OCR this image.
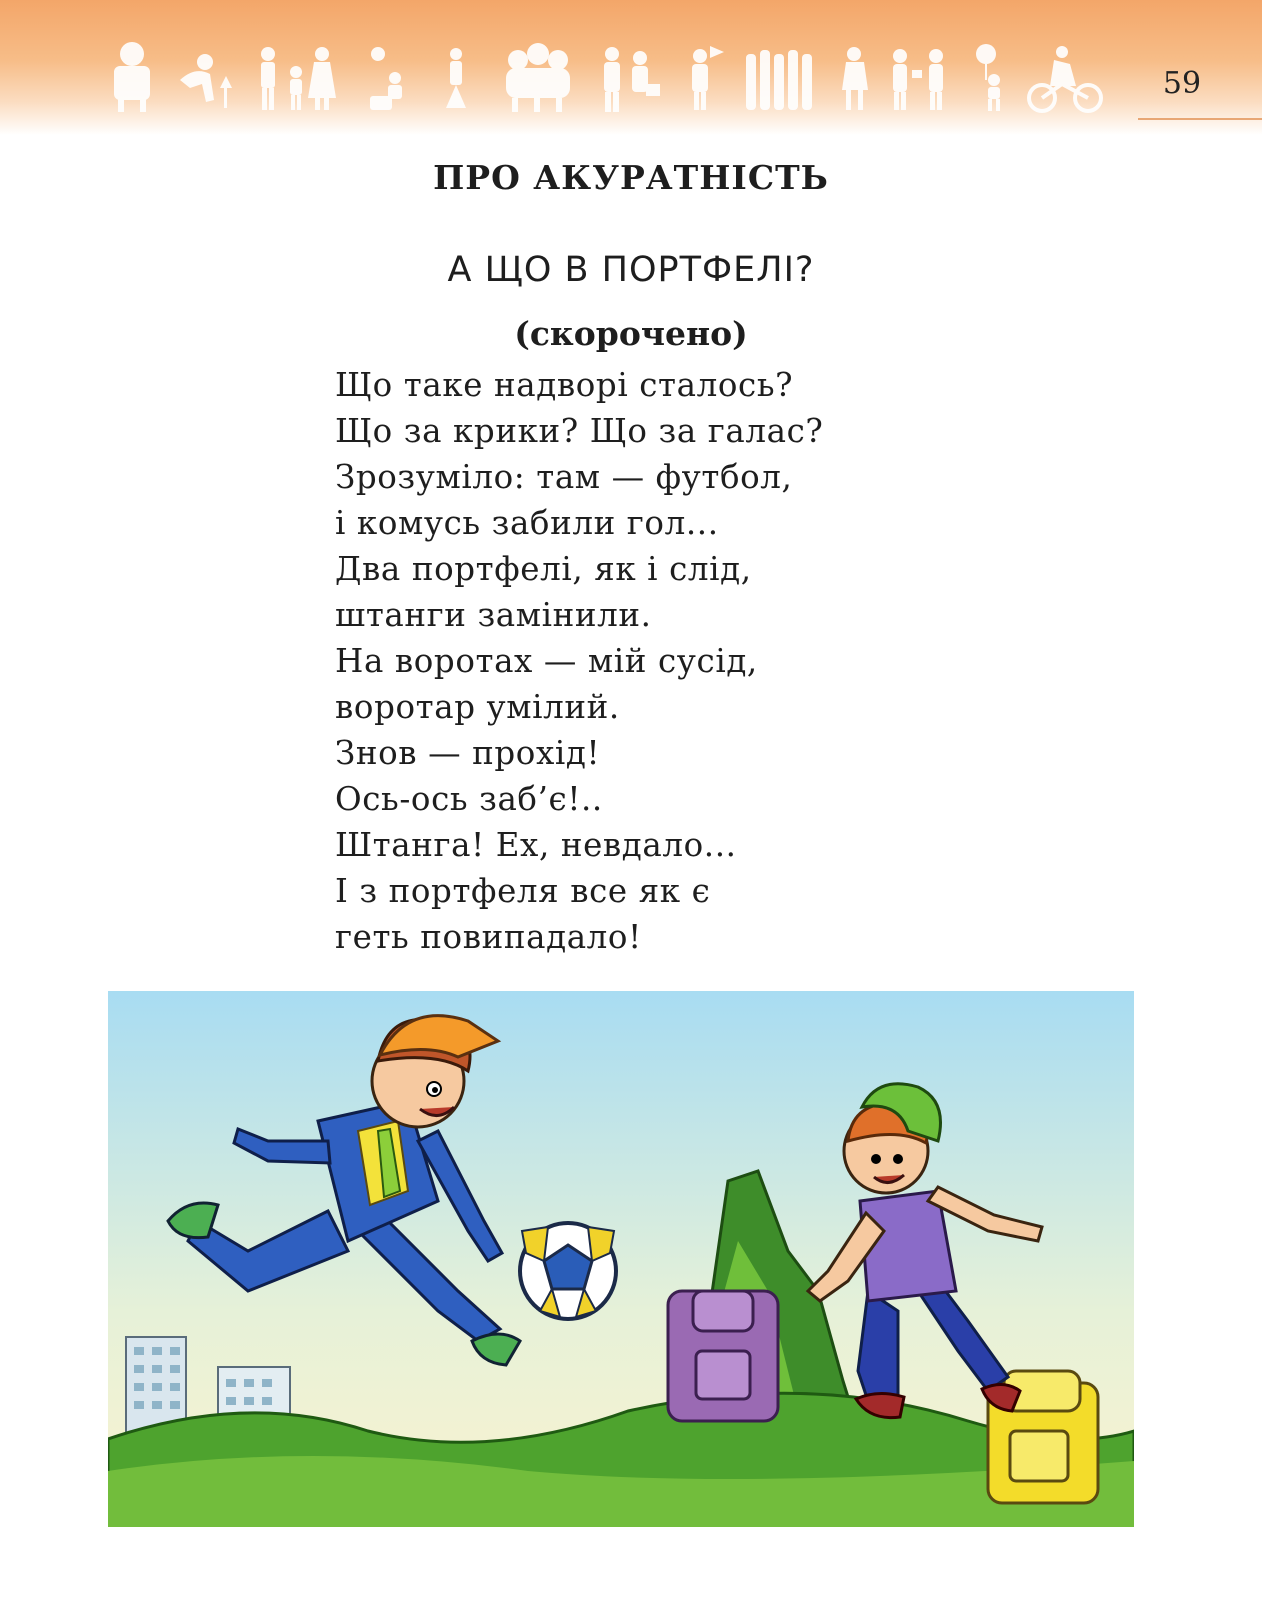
59
ПРО АКУРАТНІСТЬ
А ЩО В ПОРТФЕЛІ?
(скорочено)
Що таке надворі сталось?
Що за крики? Що за галас?
Зрозуміло: там — футбол,
і комусь забили гол...
Два портфелі, як і слід,
штанги замінили.
На воротах — мій сусід,
воротар умілий.
Знов — прохід!
Ось-ось заб’є!..
Штанга! Ех, невдало...
І з портфеля все як є
геть повипадало!
